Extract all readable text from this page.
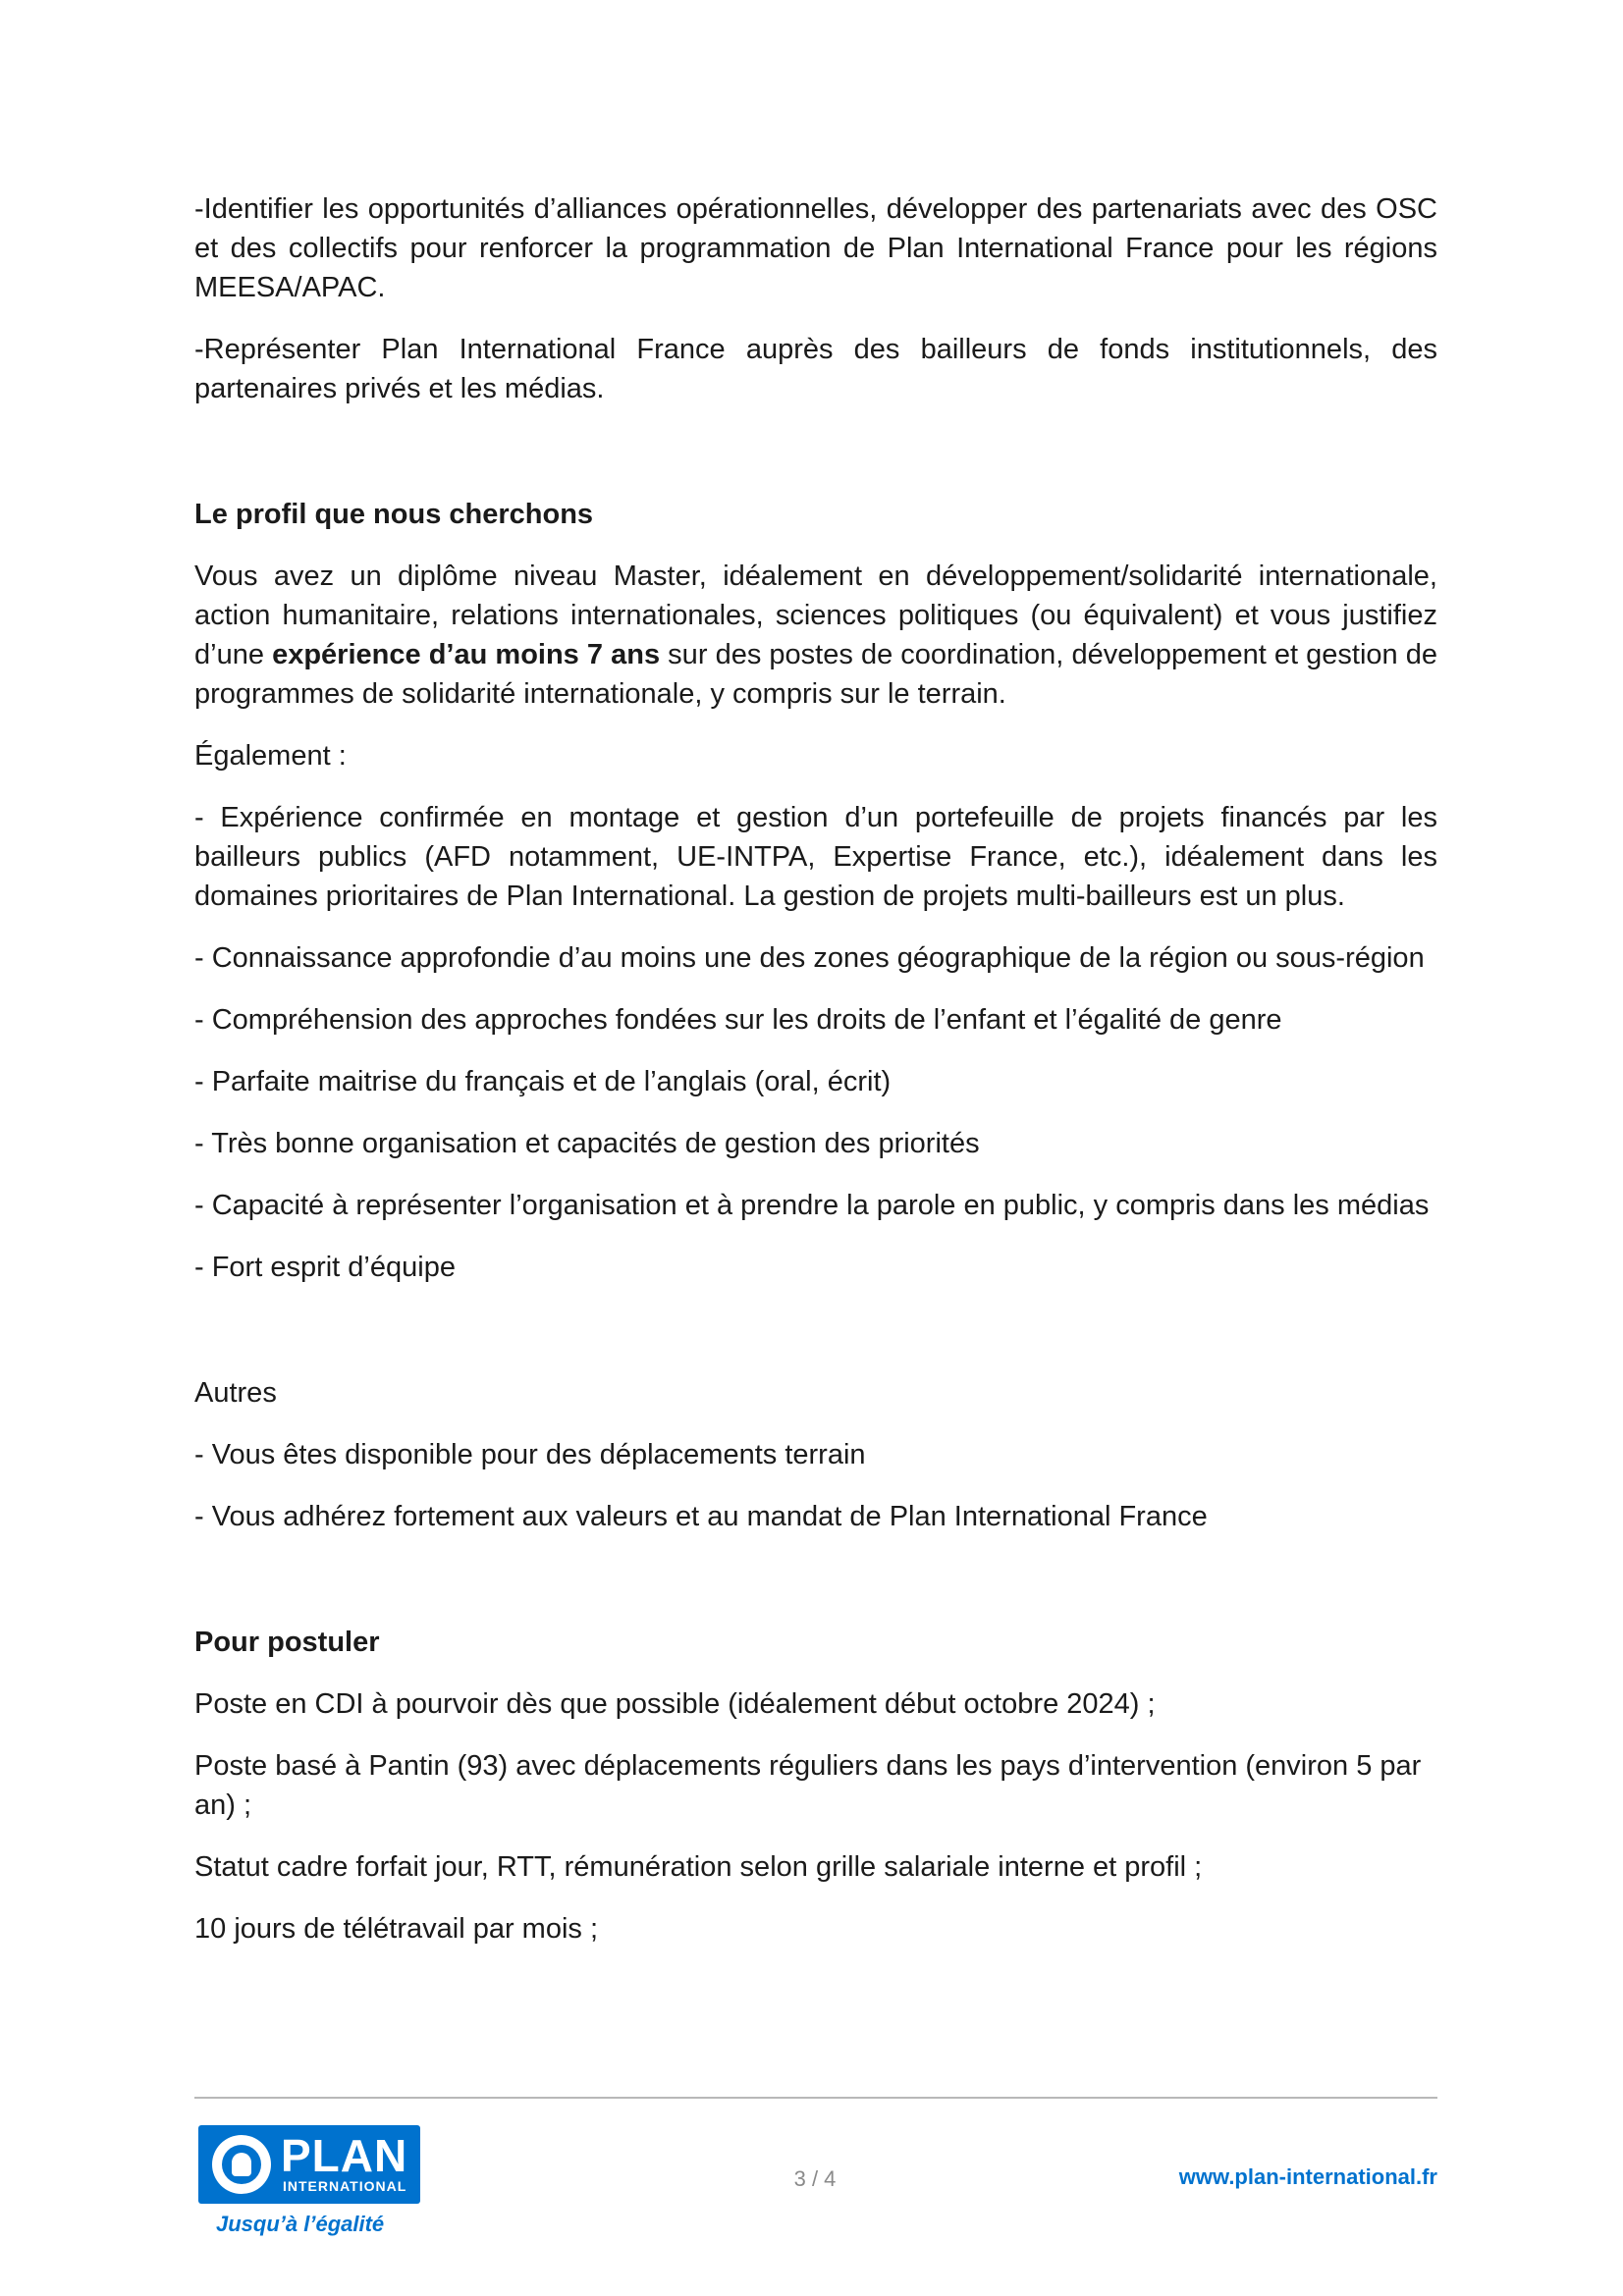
-Identifier les opportunités d’alliances opérationnelles, développer des partenariats avec des OSC et des collectifs pour renforcer la programmation de Plan International France pour les régions MEESA/APAC.

-Représenter Plan International France auprès des bailleurs de fonds institutionnels, des partenaires privés et les médias.

Le profil que nous cherchons

Vous avez un diplôme niveau Master, idéalement en développement/solidarité internationale, action humanitaire, relations internationales, sciences politiques (ou équivalent) et vous justifiez d’une expérience d’au moins 7 ans sur des postes de coordination, développement et gestion de programmes de solidarité internationale, y compris sur le terrain.

Également :

- Expérience confirmée en montage et gestion d’un portefeuille de projets financés par les bailleurs publics (AFD notamment, UE-INTPA, Expertise France, etc.), idéalement dans les domaines prioritaires de Plan International. La gestion de projets multi-bailleurs est un plus.

- Connaissance approfondie d’au moins une des zones géographique de la région ou sous-région

- Compréhension des approches fondées sur les droits de l’enfant et l’égalité de genre

- Parfaite maitrise du français et de l’anglais (oral, écrit)

- Très bonne organisation et capacités de gestion des priorités

- Capacité à représenter l’organisation et à prendre la parole en public, y compris dans les médias

- Fort esprit d’équipe

Autres

- Vous êtes disponible pour des déplacements terrain

- Vous adhérez fortement aux valeurs et au mandat de Plan International France

Pour postuler

Poste en CDI à pourvoir dès que possible (idéalement début octobre 2024) ;

Poste basé à Pantin (93) avec déplacements réguliers dans les pays d’intervention (environ 5 par an) ;

Statut cadre forfait jour, RTT, rémunération selon grille salariale interne et profil ;

10 jours de télétravail par mois ;

PLAN
INTERNATIONAL
Jusqu’à l’égalité
3 / 4	www.plan-international.fr
